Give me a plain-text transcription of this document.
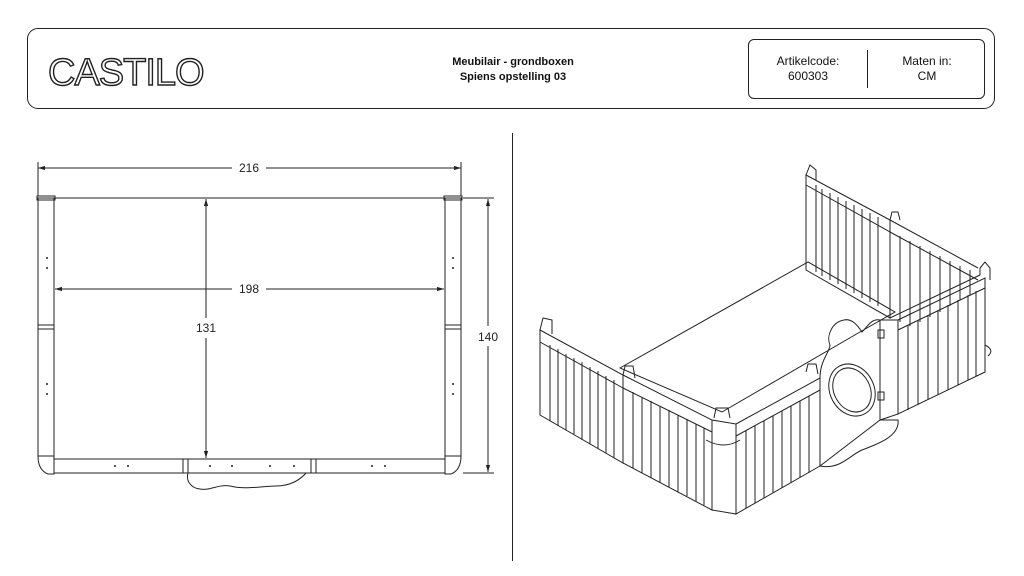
CASTILO	Meubilair - grondboxen
Spiens opstelling 03
Artikelcode:
600303
Maten in:
CM
216
198
131
140
